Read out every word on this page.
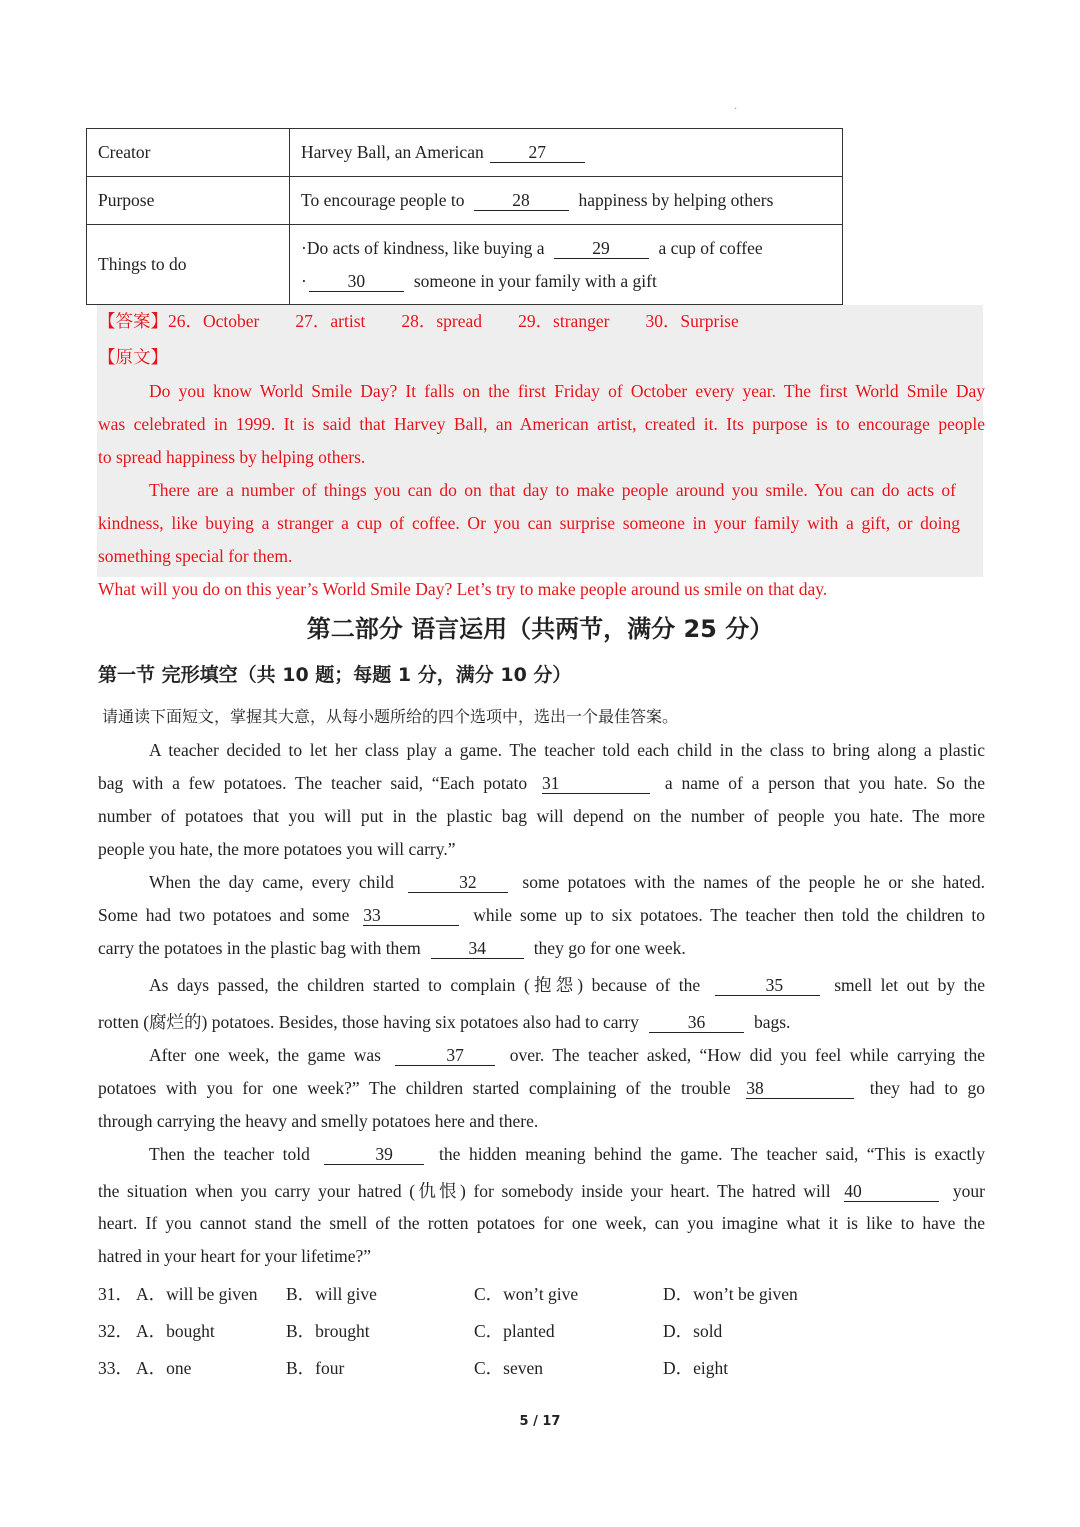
·
Creator	Harvey Ball, an American 27
Purpose	To encourage people to 28 happiness by helping others
Things to do	·Do acts of kindness, like buying a 29 a cup of coffee
· 30 someone in your family with a gift
【答案】26．October 27．artist 28．spread 29．stranger 30．Surprise
【原文】
Do you know World Smile Day? It falls on the first Friday of October every year. The first World Smile Day
was celebrated in 1999. It is said that Harvey Ball, an American artist, created it. Its purpose is to encourage people
to spread happiness by helping others.
There are a number of things you can do on that day to make people around you smile. You can do acts of
kindness, like buying a stranger a cup of coffee. Or you can surprise someone in your family with a gift, or doing
something special for them.
What will you do on this year’s World Smile Day? Let’s try to make people around us smile on that day.
第二部分 语言运用（共两节，满分 25 分）
第一节 完形填空（共 10 题；每题 1 分，满分 10 分）
请通读下面短文，掌握其大意，从每小题所给的四个选项中，选出一个最佳答案。
A teacher decided to let her class play a game. The teacher told each child in the class to bring along a plastic
bag with a few potatoes. The teacher said, “Each potato 31	a name of a person that you hate. So the
number of potatoes that you will put in the plastic bag will depend on the number of people you hate. The more
people you hate, the more potatoes you will carry.”
When the day came, every child	32	some potatoes with the names of the people he or she hated.
Some had two potatoes and some 33	while some up to six potatoes. The teacher then told the children to
carry the potatoes in the plastic bag with them	34	they go for one week.
As days passed, the children started to complain (抱怨) because of the	35	smell let out by the
rotten (腐烂的) potatoes. Besides, those having six potatoes also had to carry	36	bags.
After one week, the game was	37	over. The teacher asked, “How did you feel while carrying the
potatoes with you for one week?” The children started complaining of the trouble 38	they had to go
through carrying the heavy and smelly potatoes here and there.
Then the teacher told	39	the hidden meaning behind the game. The teacher said, “This is exactly
the situation when you carry your hatred (仇恨) for somebody inside your heart. The hatred will 40	your
heart. If you cannot stand the smell of the rotten potatoes for one week, can you imagine what it is like to have the
hatred in your heart for your lifetime?”
31． A．will be given B．will give	C．won’t give	D．won’t be given
32． A．bought	B．brought	C．planted	D．sold
33． A．one	B．four	C．seven	D．eight
5 / 17
